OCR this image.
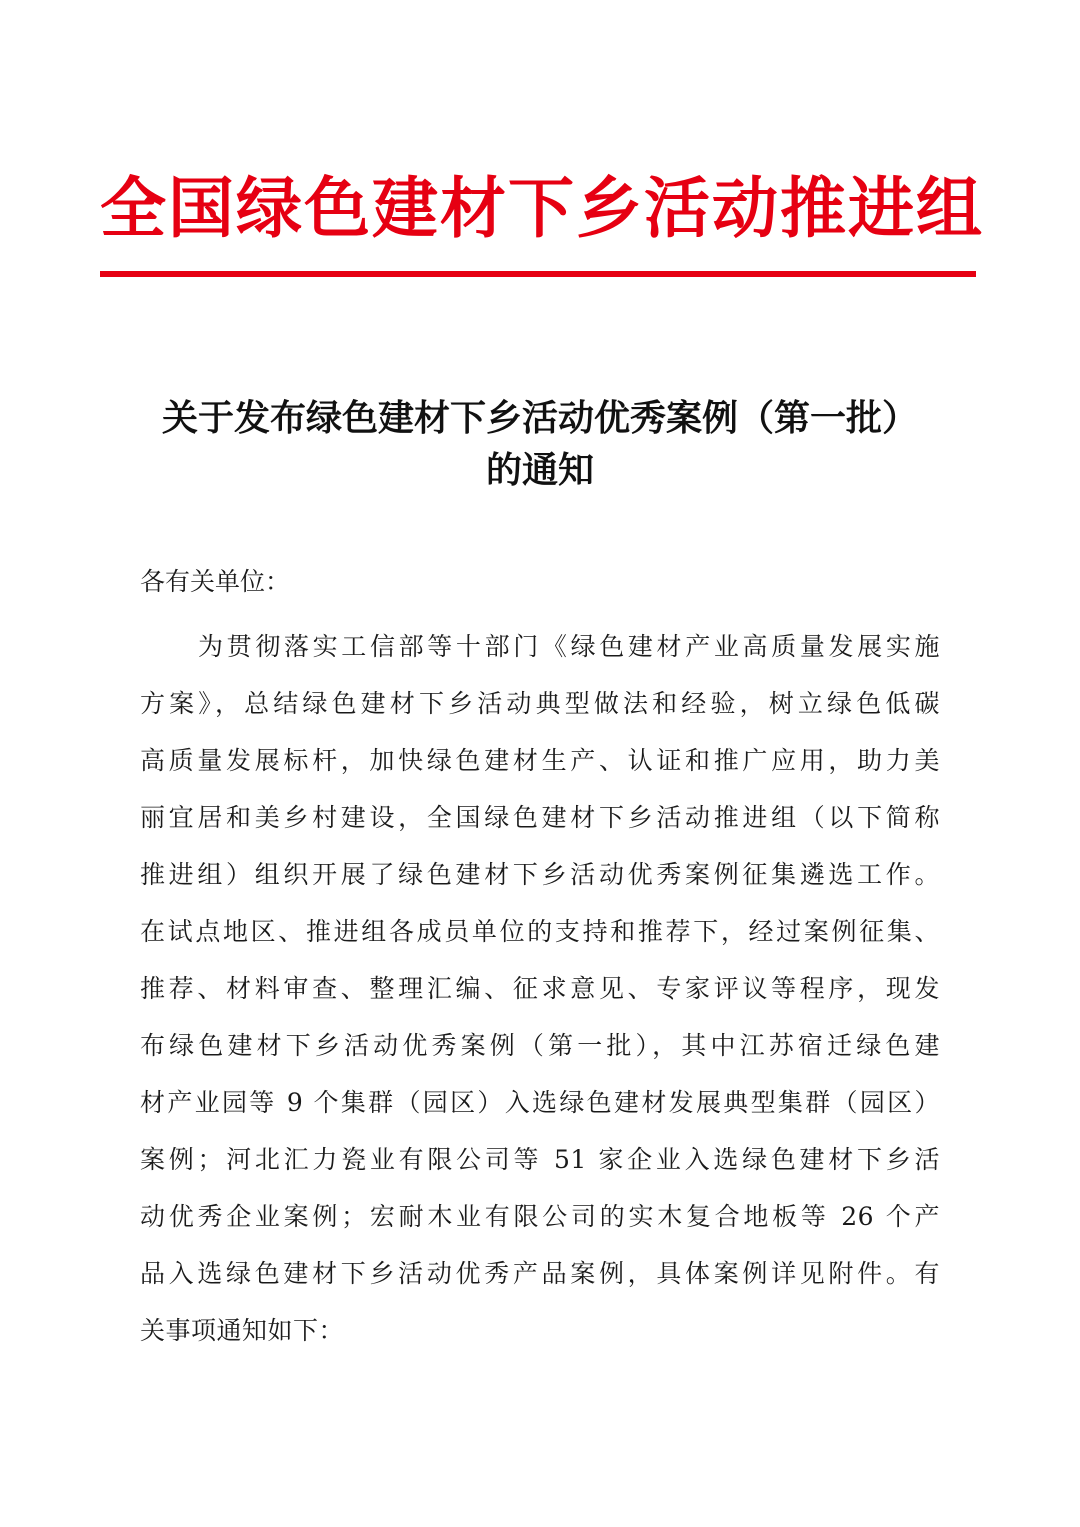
全国绿色建材下乡活动推进组
关于发布绿色建材下乡活动优秀案例（第一批）
的通知
各有关单位：
为贯彻落实工信部等十部门《绿色建材产业高质量发展实施
方案》，总结绿色建材下乡活动典型做法和经验，树立绿色低碳
高质量发展标杆，加快绿色建材生产、认证和推广应用，助力美
丽宜居和美乡村建设，全国绿色建材下乡活动推进组（以下简称
推进组）组织开展了绿色建材下乡活动优秀案例征集遴选工作。
在试点地区、推进组各成员单位的支持和推荐下，经过案例征集、
推荐、材料审查、整理汇编、征求意见、专家评议等程序，现发
布绿色建材下乡活动优秀案例（第一批），其中江苏宿迁绿色建
材产业园等 9 个集群（园区）入选绿色建材发展典型集群（园区）
案例；河北汇力瓷业有限公司等 51 家企业入选绿色建材下乡活
动优秀企业案例；宏耐木业有限公司的实木复合地板等 26 个产
品入选绿色建材下乡活动优秀产品案例，具体案例详见附件。有
关事项通知如下：
